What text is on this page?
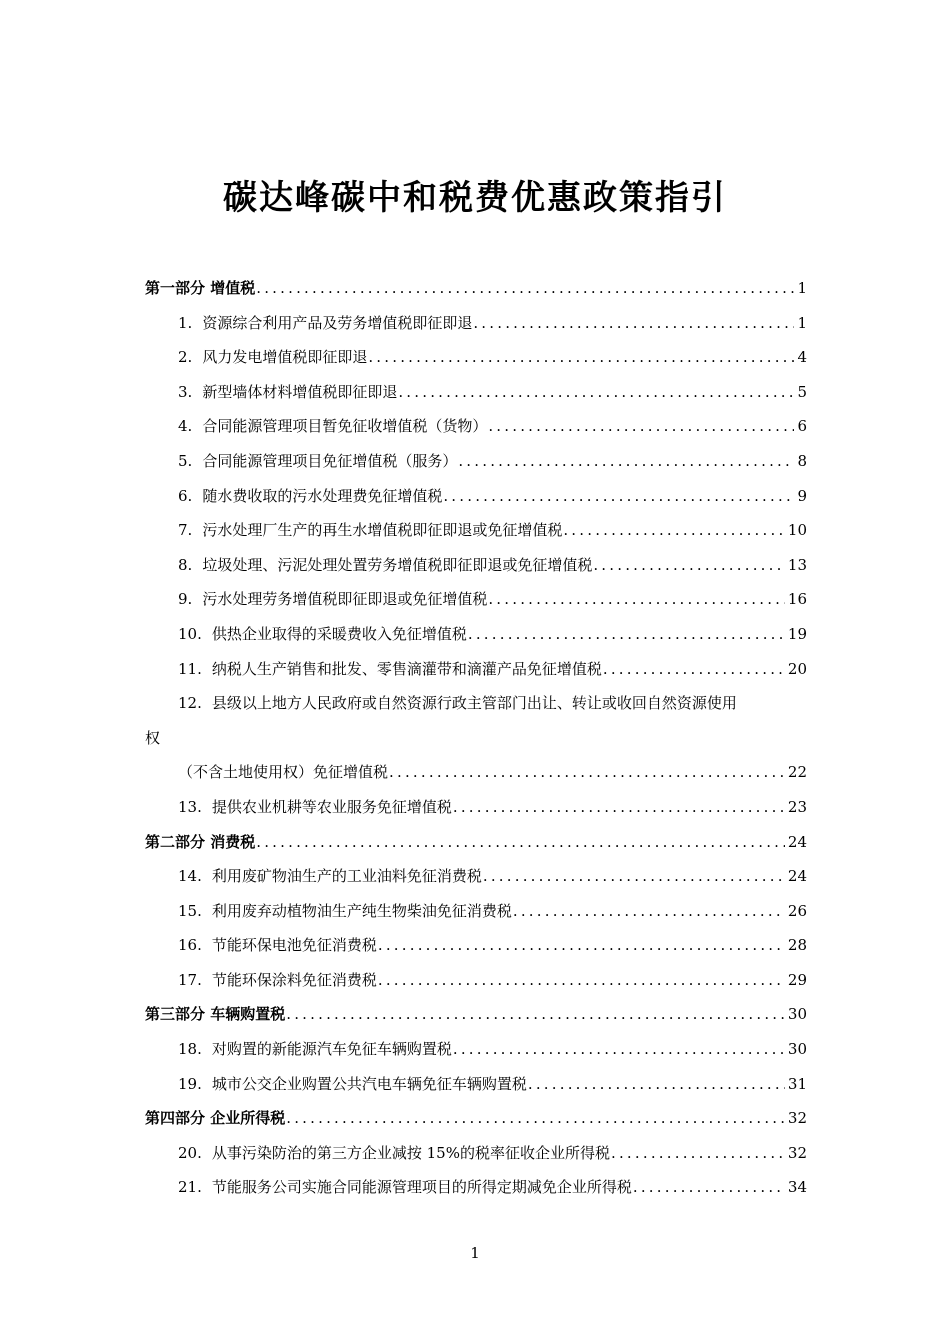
碳达峰碳中和税费优惠政策指引
第一部分 增值税 .....	1
1. 资源综合利用产品及劳务增值税即征即退 .....	1
2. 风力发电增值税即征即退 .....	4
3. 新型墙体材料增值税即征即退 .....	5
4. 合同能源管理项目暂免征收增值税（货物） .....	6
5. 合同能源管理项目免征增值税（服务） .....	8
6. 随水费收取的污水处理费免征增值税 .....	9
7. 污水处理厂生产的再生水增值税即征即退或免征增值税 .....	10
8. 垃圾处理、污泥处理处置劳务增值税即征即退或免征增值税 .....	13
9. 污水处理劳务增值税即征即退或免征增值税 .....	16
10. 供热企业取得的采暖费收入免征增值税 .....	19
11. 纳税人生产销售和批发、零售滴灌带和滴灌产品免征增值税 .....	20
12. 县级以上地方人民政府或自然资源行政主管部门出让、转让或收回自然资源使用
权
（不含土地使用权）免征增值税 .....	22
13. 提供农业机耕等农业服务免征增值税 .....	23
第二部分 消费税 .....	24
14. 利用废矿物油生产的工业油料免征消费税 .....	24
15. 利用废弃动植物油生产纯生物柴油免征消费税 .....	26
16. 节能环保电池免征消费税 .....	28
17. 节能环保涂料免征消费税 .....	29
第三部分 车辆购置税 .....	30
18. 对购置的新能源汽车免征车辆购置税 .....	30
19. 城市公交企业购置公共汽电车辆免征车辆购置税 .....	31
第四部分 企业所得税 .....	32
20. 从事污染防治的第三方企业减按 15%的税率征收企业所得税 .....	32
21. 节能服务公司实施合同能源管理项目的所得定期减免企业所得税 .....	34
1
